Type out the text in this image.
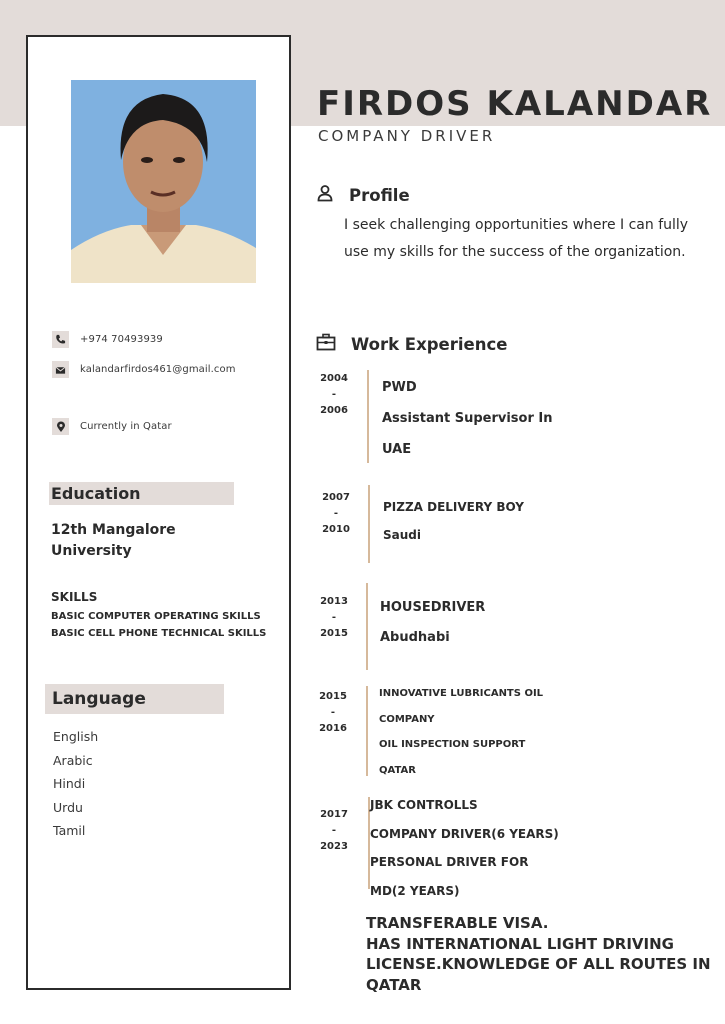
+974 70493939
kalandarfirdos461@gmail.com
Currently in Qatar
Education
12th Mangalore University
SKILLS
BASIC COMPUTER OPERATING SKILLS
BASIC CELL PHONE TECHNICAL SKILLS
Language
English
Arabic
Hindi
Urdu
Tamil
FIRDOS KALANDAR
COMPANY DRIVER
Profile
I seek challenging opportunities where I can fully use my skills for the success of the organization.
Work Experience
2004
-
2006
PWD
Assistant Supervisor In
UAE
2007
-
2010
PIZZA DELIVERY BOY
Saudi
2013
-
2015
HOUSEDRIVER
Abudhabi
2015
-
2016
INNOVATIVE LUBRICANTS OIL
COMPANY
OIL INSPECTION SUPPORT
QATAR
2017
-
2023
JBK CONTROLLS
COMPANY DRIVER(6 YEARS)
PERSONAL DRIVER FOR
MD(2 YEARS)
TRANSFERABLE VISA.
HAS INTERNATIONAL LIGHT DRIVING
LICENSE.KNOWLEDGE OF ALL ROUTES IN
QATAR
